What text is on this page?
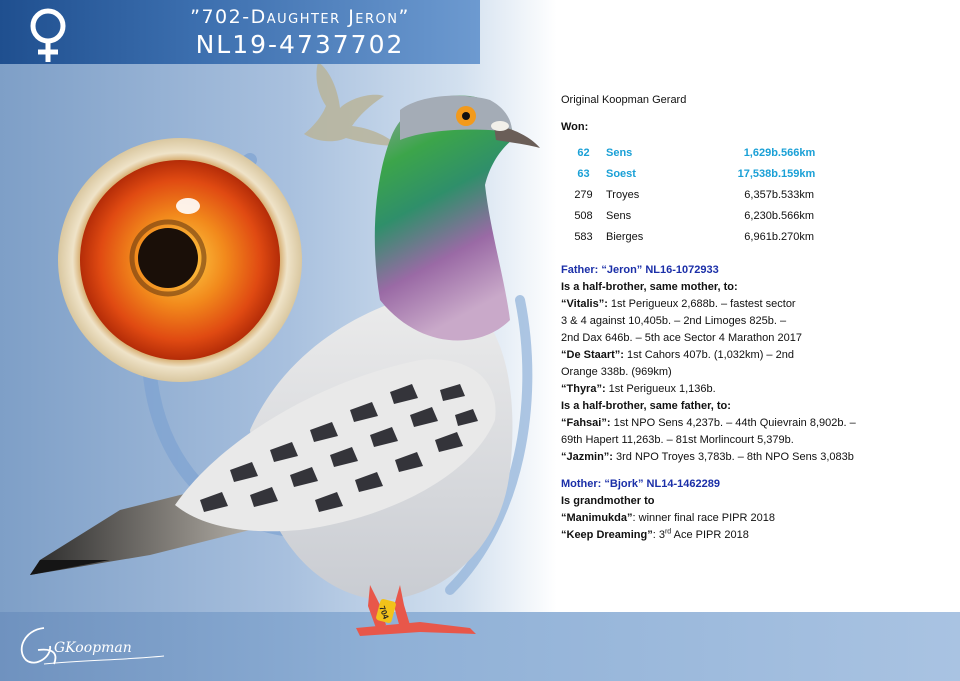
”702-Daughter Jeron”
NL19-4737702
704
Original Koopman Gerard
Won:
62	Sens	1,629b.	566km
63	Soest	17,538b.	159km
279	Troyes	6,357b.	533km
508	Sens	6,230b.	566km
583	Bierges	6,961b.	270km
Father: “Jeron” NL16-1072933
Is a half-brother, same mother, to:
“Vitalis”: 1st Perigueux 2,688b. – fastest sector
3 & 4 against 10,405b. – 2nd Limoges 825b. –
2nd Dax 646b. – 5th ace Sector 4 Marathon 2017
“De Staart”: 1st Cahors 407b. (1,032km) – 2nd
Orange 338b. (969km)
“Thyra”: 1st Perigueux 1,136b.
Is a half-brother, same father, to:
“Fahsai”: 1st NPO Sens 4,237b. – 44th Quievrain 8,902b. –
69th Hapert 11,263b. – 81st Morlincourt 5,379b.
“Jazmin”: 3rd NPO Troyes 3,783b. – 8th NPO Sens 3,083b
Mother: “Bjork” NL14-1462289
Is grandmother to
“Manimukda”: winner final race PIPR 2018
“Keep Dreaming”: 3rd Ace PIPR 2018
GKoopman
